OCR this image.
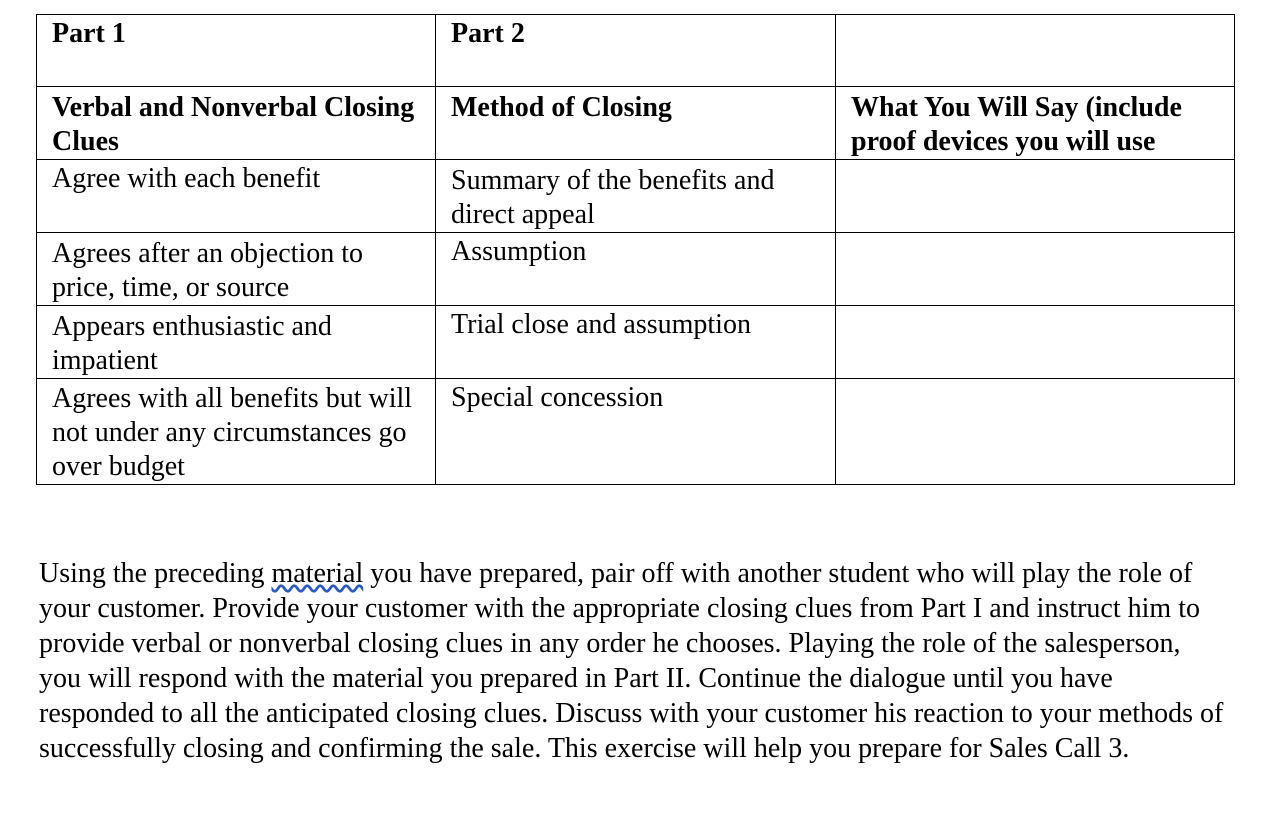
Part 1	Part 2	
Verbal and Nonverbal Closing Clues	Method of Closing	What You Will Say (include proof devices you will use
Agree with each benefit	Summary of the benefits and direct appeal	
Agrees after an objection to price, time, or source	Assumption	
Appears enthusiastic and impatient	Trial close and assumption	
Agrees with all benefits but will not under any circumstances go over budget	Special concession	

Using the preceding material you have prepared, pair off with another student who will play the role of your customer. Provide your customer with the appropriate closing clues from Part I and instruct him to provide verbal or nonverbal closing clues in any order he chooses. Playing the role of the salesperson, you will respond with the material you prepared in Part II. Continue the dialogue until you have responded to all the anticipated closing clues. Discuss with your customer his reaction to your methods of successfully closing and confirming the sale. This exercise will help you prepare for Sales Call 3.
